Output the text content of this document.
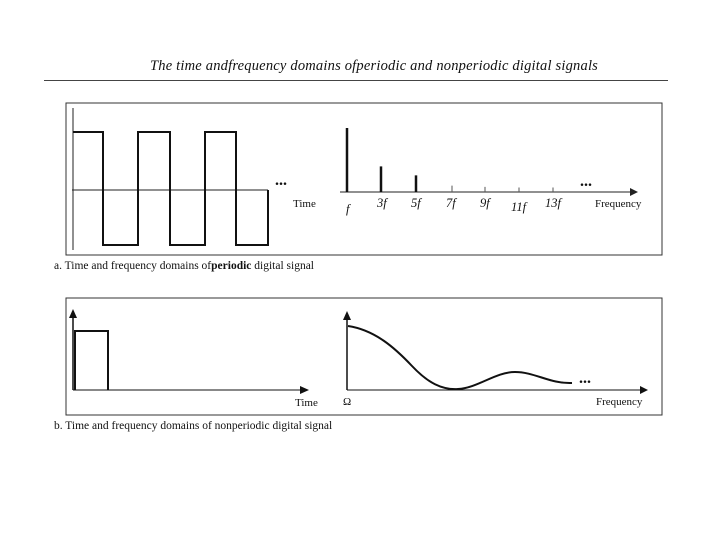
The time andfrequency domains ofperiodic and nonperiodic digital signals
...
Time f 3f 5f 7f 9f 11f 13f
...
Frequency
Time
...
Ω	Frequency
a. Time and frequency domains ofperiodic digital signal
b. Time and frequency domains of nonperiodic digital signal
